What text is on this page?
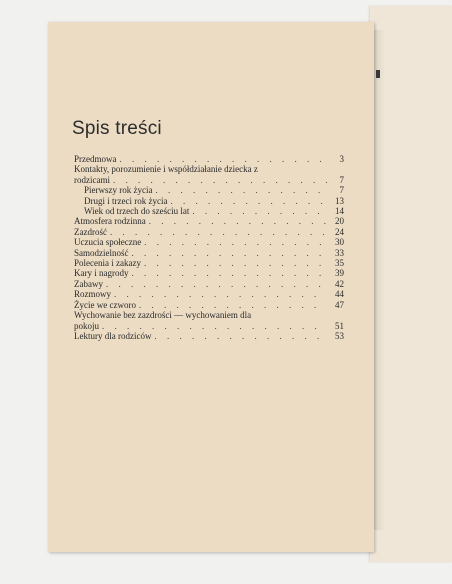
Spis treści
Przedmowa . . .	3
Kontakty, porozumienie i współdziałanie dziecka z
rodzicami . . .	7
Pierwszy rok życia . . .	7
Drugi i trzeci rok życia . . .	13
Wiek od trzech do sześciu lat . . .	14
Atmosfera rodzinna . . .	20
Zazdrość . . .	24
Uczucia społeczne . . .	30
Samodzielność . . .	33
Polecenia i zakazy . . .	35
Kary i nagrody . . .	39
Zabawy . . .	42
Rozmowy . . .	44
Życie we czworo . . .	47
Wychowanie bez zazdrości — wychowaniem dla
pokoju . . .	51
Lektury dla rodziców . . .	53
